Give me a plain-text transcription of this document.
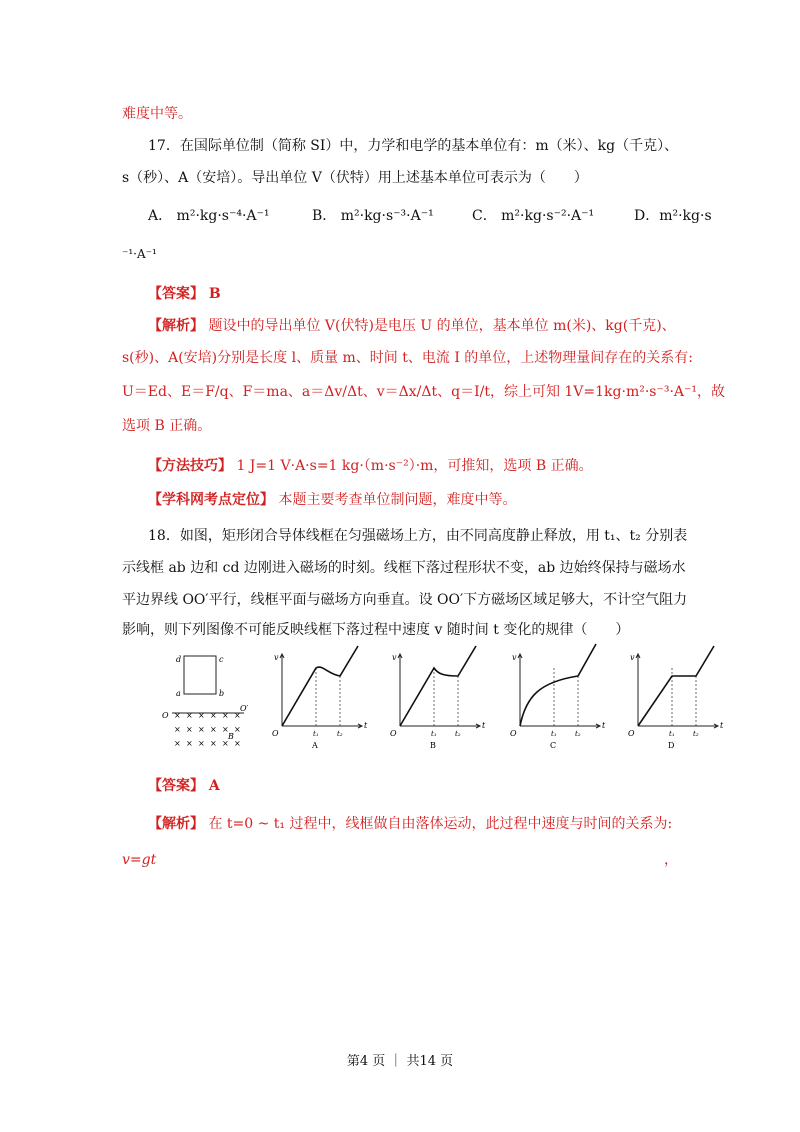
难度中等。
17．在国际单位制（简称 SI）中，力学和电学的基本单位有：m（米）、kg（千克）、
s（秒）、A（安培）。导出单位 V（伏特）用上述基本单位可表示为（　　）
A． m²·kg·s⁻⁴·A⁻¹	B． m²·kg·s⁻³·A⁻¹	C． m²·kg·s⁻²·A⁻¹	D．m²·kg·s
⁻¹·A⁻¹
【答案】 B
【解析】 题设中的导出单位 V(伏特)是电压 U 的单位，基本单位 m(米)、kg(千克)、
s(秒)、A(安培)分别是长度 l、质量 m、时间 t、电流 I 的单位，上述物理量间存在的关系有:
U＝Ed、E＝F/q、F＝ma、a＝Δv/Δt、v＝Δx/Δt、q＝I/t，综上可知 1V=1kg·m²·s⁻³·A⁻¹，故
选项 B 正确。
【方法技巧】 1 J=1 V·A·s=1 kg·（m·s⁻²）·m，可推知，选项 B 正确。
【学科网考点定位】 本题主要考查单位制问题，难度中等。
18．如图，矩形闭合导体线框在匀强磁场上方，由不同高度静止释放，用 t₁、t₂ 分别表
示线框 ab 边和 cd 边刚进入磁场的时刻。线框下落过程形状不变，ab 边始终保持与磁场水
平边界线 OO′平行，线框平面与磁场方向垂直。设 OO′下方磁场区域足够大，不计空气阻力
影响，则下列图像不可能反映线框下落过程中速度 v 随时间 t 变化的规律（　　）
d	c
a	b
O
O′
× × × × × ×
× × × × × ×
× × × × × ×
B
v
t
O	t₁	t₂
A
v
t
O	t₁	t₂
B
v
t
O	t₁	t₂
C
v
t
O	t₁	t₂
D
【答案】 A
【解析】 在 t=0 ~ t₁ 过程中，线框做自由落体运动，此过程中速度与时间的关系为:
v=gt	，
第4 页 ｜ 共14 页
